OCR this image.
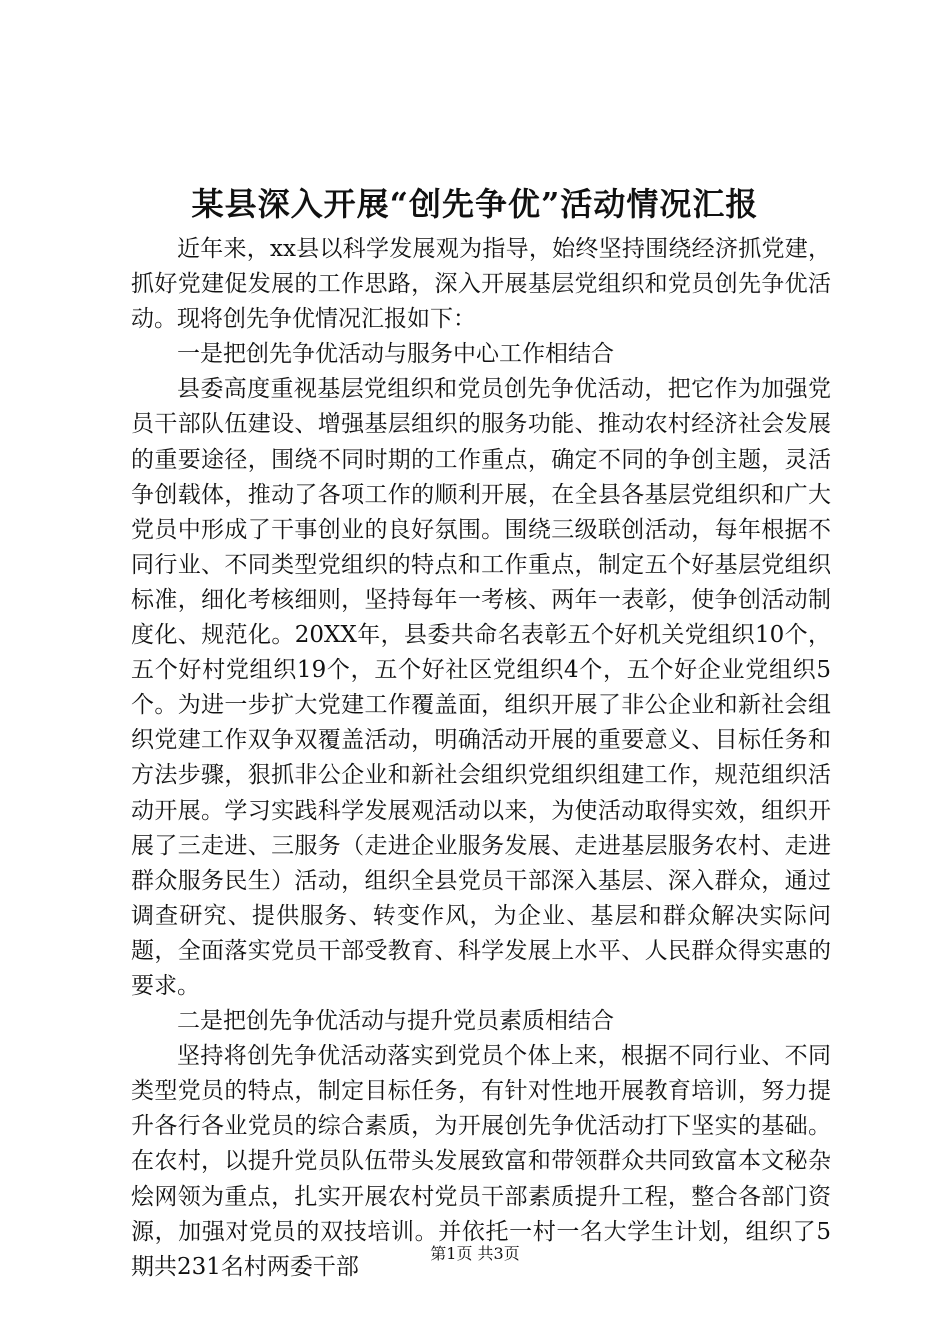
某县深入开展“创先争优”活动情况汇报

近年来，xx县以科学发展观为指导，始终坚持围绕经济抓党建，抓好党建促发展的工作思路，深入开展基层党组织和党员创先争优活动。现将创先争优情况汇报如下：

一是把创先争优活动与服务中心工作相结合

县委高度重视基层党组织和党员创先争优活动，把它作为加强党员干部队伍建设、增强基层组织的服务功能、推动农村经济社会发展的重要途径，围绕不同时期的工作重点，确定不同的争创主题，灵活争创载体，推动了各项工作的顺利开展，在全县各基层党组织和广大党员中形成了干事创业的良好氛围。围绕三级联创活动，每年根据不同行业、不同类型党组织的特点和工作重点，制定五个好基层党组织标准，细化考核细则，坚持每年一考核、两年一表彰，使争创活动制度化、规范化。20XX年，县委共命名表彰五个好机关党组织10个，五个好村党组织19个，五个好社区党组织4个，五个好企业党组织5个。为进一步扩大党建工作覆盖面，组织开展了非公企业和新社会组织党建工作双争双覆盖活动，明确活动开展的重要意义、目标任务和方法步骤，狠抓非公企业和新社会组织党组织组建工作，规范组织活动开展。学习实践科学发展观活动以来，为使活动取得实效，组织开展了三走进、三服务（走进企业服务发展、走进基层服务农村、走进群众服务民生）活动，组织全县党员干部深入基层、深入群众，通过调查研究、提供服务、转变作风，为企业、基层和群众解决实际问题，全面落实党员干部受教育、科学发展上水平、人民群众得实惠的要求。

二是把创先争优活动与提升党员素质相结合

坚持将创先争优活动落实到党员个体上来，根据不同行业、不同类型党员的特点，制定目标任务，有针对性地开展教育培训，努力提升各行各业党员的综合素质，为开展创先争优活动打下坚实的基础。在农村，以提升党员队伍带头发展致富和带领群众共同致富本文秘杂烩网领为重点，扎实开展农村党员干部素质提升工程，整合各部门资源，加强对党员的双技培训。并依托一村一名大学生计划，组织了5期共231名村两委干部

第1页 共3页
